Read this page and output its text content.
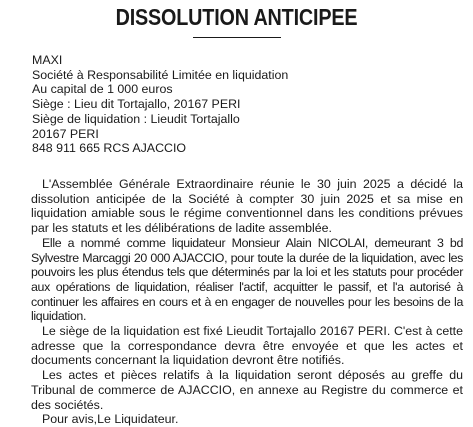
DISSOLUTION ANTICIPEE
MAXI
Société à Responsabilité Limitée en liquidation
Au capital de 1 000 euros
Siège : Lieu dit Tortajallo, 20167 PERI
Siège de liquidation : Lieudit Tortajallo
20167 PERI
848 911 665 RCS AJACCIO

L'Assemblée Générale Extraordinaire réunie le 30 juin 2025 a décidé la dissolution anticipée de la Société à compter 30 juin 2025 et sa mise en liquidation amiable sous le régime conventionnel dans les conditions prévues par les statuts et les délibérations de ladite assemblée.

Elle a nommé comme liquidateur Monsieur Alain NICOLAI, demeurant 3 bd Sylvestre Marcaggi 20 000 AJACCIO, pour toute la durée de la liquidation, avec les pouvoirs les plus étendus tels que déterminés par la loi et les statuts pour procéder aux opérations de liquidation, réaliser l'actif, acquitter le passif, et l'a autorisé à continuer les affaires en cours et à en engager de nouvelles pour les besoins de la liquidation.

Le siège de la liquidation est fixé Lieudit Tortajallo 20167 PERI. C'est à cette adresse que la correspondance devra être envoyée et que les actes et documents concernant la liquidation devront être notifiés.

Les actes et pièces relatifs à la liquidation seront déposés au greffe du Tribunal de commerce de AJACCIO, en annexe au Registre du commerce et des sociétés.

Pour avis,Le Liquidateur.
